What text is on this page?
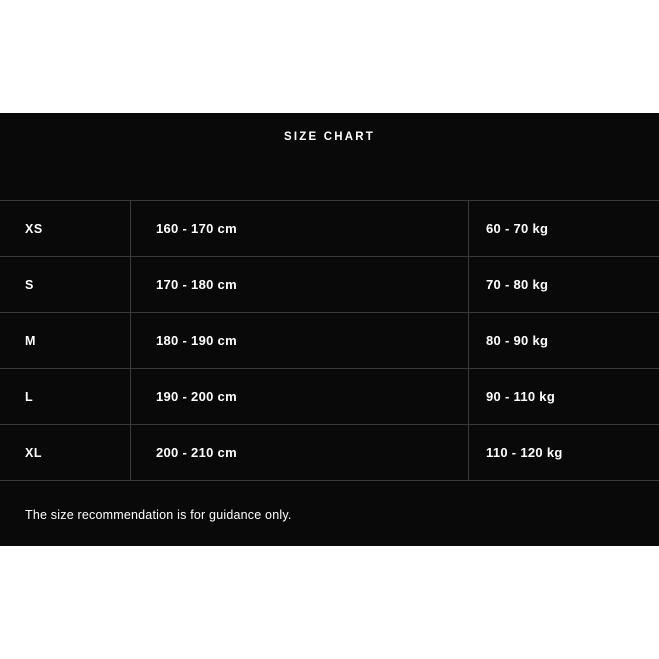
SIZE CHART
XS	160 - 170 cm	60 - 70 kg
S	170 - 180 cm	70 - 80 kg
M	180 - 190 cm	80 - 90 kg
L	190 - 200 cm	90 - 110 kg
XL	200 - 210 cm	110 - 120 kg
The size recommendation is for guidance only.
